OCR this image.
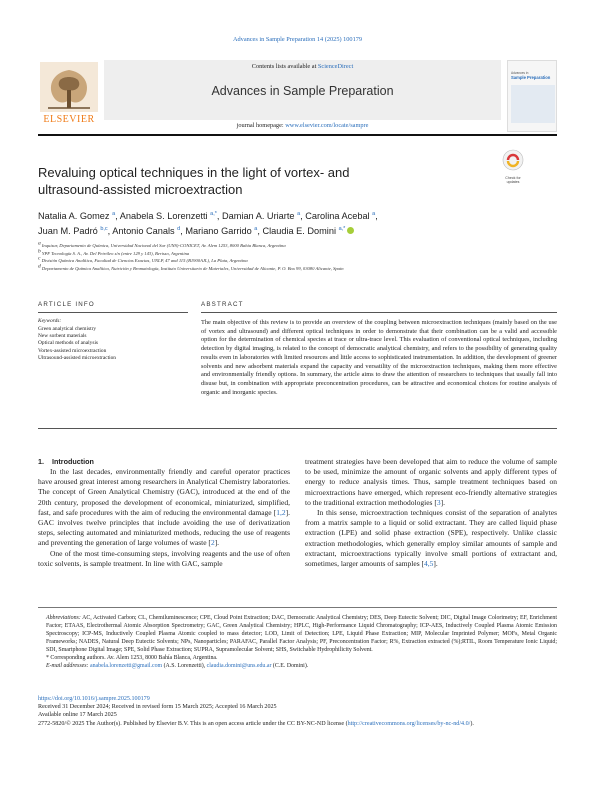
Advances in Sample Preparation 14 (2025) 100179
ELSEVIER
Contents lists available at ScienceDirect
Advances in Sample Preparation
journal homepage: www.elsevier.com/locate/sampre
Advances in
Sample Preparation
Revaluing optical techniques in the light of vortex- and
ultrasound-assisted microextraction
Check for updates
Natalia A. Gomez $^a$, Anabela S. Lorenzetti $^{a,*}$, Damian A. Uriarte $^a$, Carolina Acebal $^a$,
Juan M. Padró $^{b,c}$, Antonio Canals $^d$, Mariano Garrido $^a$, Claudia E. Domini $^{a,*}$
$^a$ Inquisur, Departamento de Química, Universidad Nacional del Sur (UNS)-CONICET, Av. Alem 1253, 8000 Bahía Blanca, Argentina
$^b$ YPF Tecnología S. A., Av. Del Petróleo s/n (entre 129 y 143), Berisso, Argentina
$^c$ División Química Analítica, Facultad de Ciencias Exactas, UNLP, 47 and 115 (B1900AJL), La Plata, Argentina
$^d$ Departamento de Química Analítica, Nutrición y Bromatología, Instituto Universitario de Materiales, Universidad de Alicante, P. O. Box 99, 03080 Alicante, Spain
ARTICLE INFO
Keywords:
Green analytical chemistry
New sorbent materials
Optical methods of analysis
Vortex-assisted microextraction
Ultrasound-assisted microextraction
ABSTRACT
The main objective of this review is to provide an overview of the coupling between microextraction techniques (mainly based on the use of vortex and ultrasound) and different optical techniques in order to demonstrate that their combination can be a valid and accessible option for the determination of chemical species at trace or ultra-trace level. This evaluation of conventional optical techniques, including detection by digital imaging, is related to the concept of democratic analytical chemistry, and refers to the possibility of generating quality results even in laboratories with limited resources and little access to sophisticated instrumentation. In addition, the development of greener solvents and new adsorbent materials expand the capacity and versatility of the microextraction techniques, making them more effective and environmentally friendly options. In summary, the article aims to draw the attention of researchers to techniques that usually fall into disuse but, in combination with appropriate preconcentration procedures, can be attractive and economical choices for routine analysis of organic and inorganic species.
1. Introduction

In the last decades, environmentally friendly and careful operator practices have aroused great interest among researchers in Analytical Chemistry laboratories. The concept of Green Analytical Chemistry (GAC), introduced at the end of the 20th century, proposed the development of economical, miniaturized, simplified, fast, and safe procedures with the aim of reducing the environmental damage [1,2]. GAC involves twelve principles that include avoiding the use of derivatization steps, selecting automated and miniaturized methods, reducing the use of reagents and preventing the generation of large volumes of waste [2].

One of the most time-consuming steps, involving reagents and the use of often toxic solvents, is sample treatment. In line with GAC, sample

treatment strategies have been developed that aim to reduce the volume of sample to be used, minimize the amount of organic solvents and apply different types of energy to reduce analysis times. Thus, sample treatment techniques based on microextractions have emerged, which represent eco-friendly alternative strategies to the traditional extraction methodologies [3].

In this sense, microextraction techniques consist of the separation of analytes from a matrix sample to a liquid or solid extractant. They are called liquid phase extraction (LPE) and solid phase extraction (SPE), respectively. Unlike classic extraction methodologies, which generally employ similar amounts of sample and extractant, microextractions typically involve small portions of extractant and, sometimes, larger amounts of samples [4,5].

Abbreviations: AC, Activated Carbon; CL, Chemiluminescence; CPE, Cloud Point Extraction; DAC, Democratic Analytical Chemistry; DES, Deep Eutectic Solvent; DIC, Digital Image Colorimetry; EF, Enrichment Factor; ETAAS, Electrothermal Atomic Absorption Spectrometry; GAC, Green Analytical Chemistry; HPLC, High-Performance Liquid Chromatography; ICP-AES, Inductively Coupled Plasma Atomic Emission Spectroscopy; ICP-MS, Inductively Coupled Plasma Atomic coupled to mass detector; LOD, Limit of Detection; LPE, Liquid Phase Extraction; MIP, Molecular Imprinted Polymer; MOFs, Metal Organic Frameworks; NADES, Natural Deep Eutectic Solvents; NPs, Nanoparticles; PARAFAC, Parallel Factor Analysis; PF, Preconcentration Factor; R%, Extraction extracted (%);RTIL, Room Temperature Ionic Liquid; SDI, Smartphone Digital Image; SPE, Solid Phase Extraction; SUPRA, Supramolecular Solvent; SHS, Switchable Hydrophilicity Solvent.

* Corresponding authors. Av. Alem 1253, 8000 Bahía Blanca, Argentina.

E-mail addresses: anabela.lorenzetti@gmail.com (A.S. Lorenzetti), claudia.domini@uns.edu.ar (C.E. Domini).

https://doi.org/10.1016/j.sampre.2025.100179
Received 31 December 2024; Received in revised form 15 March 2025; Accepted 16 March 2025
Available online 17 March 2025
2772-5820/© 2025 The Author(s). Published by Elsevier B.V. This is an open access article under the CC BY-NC-ND license (http://creativecommons.org/licenses/by-nc-nd/4.0/).
